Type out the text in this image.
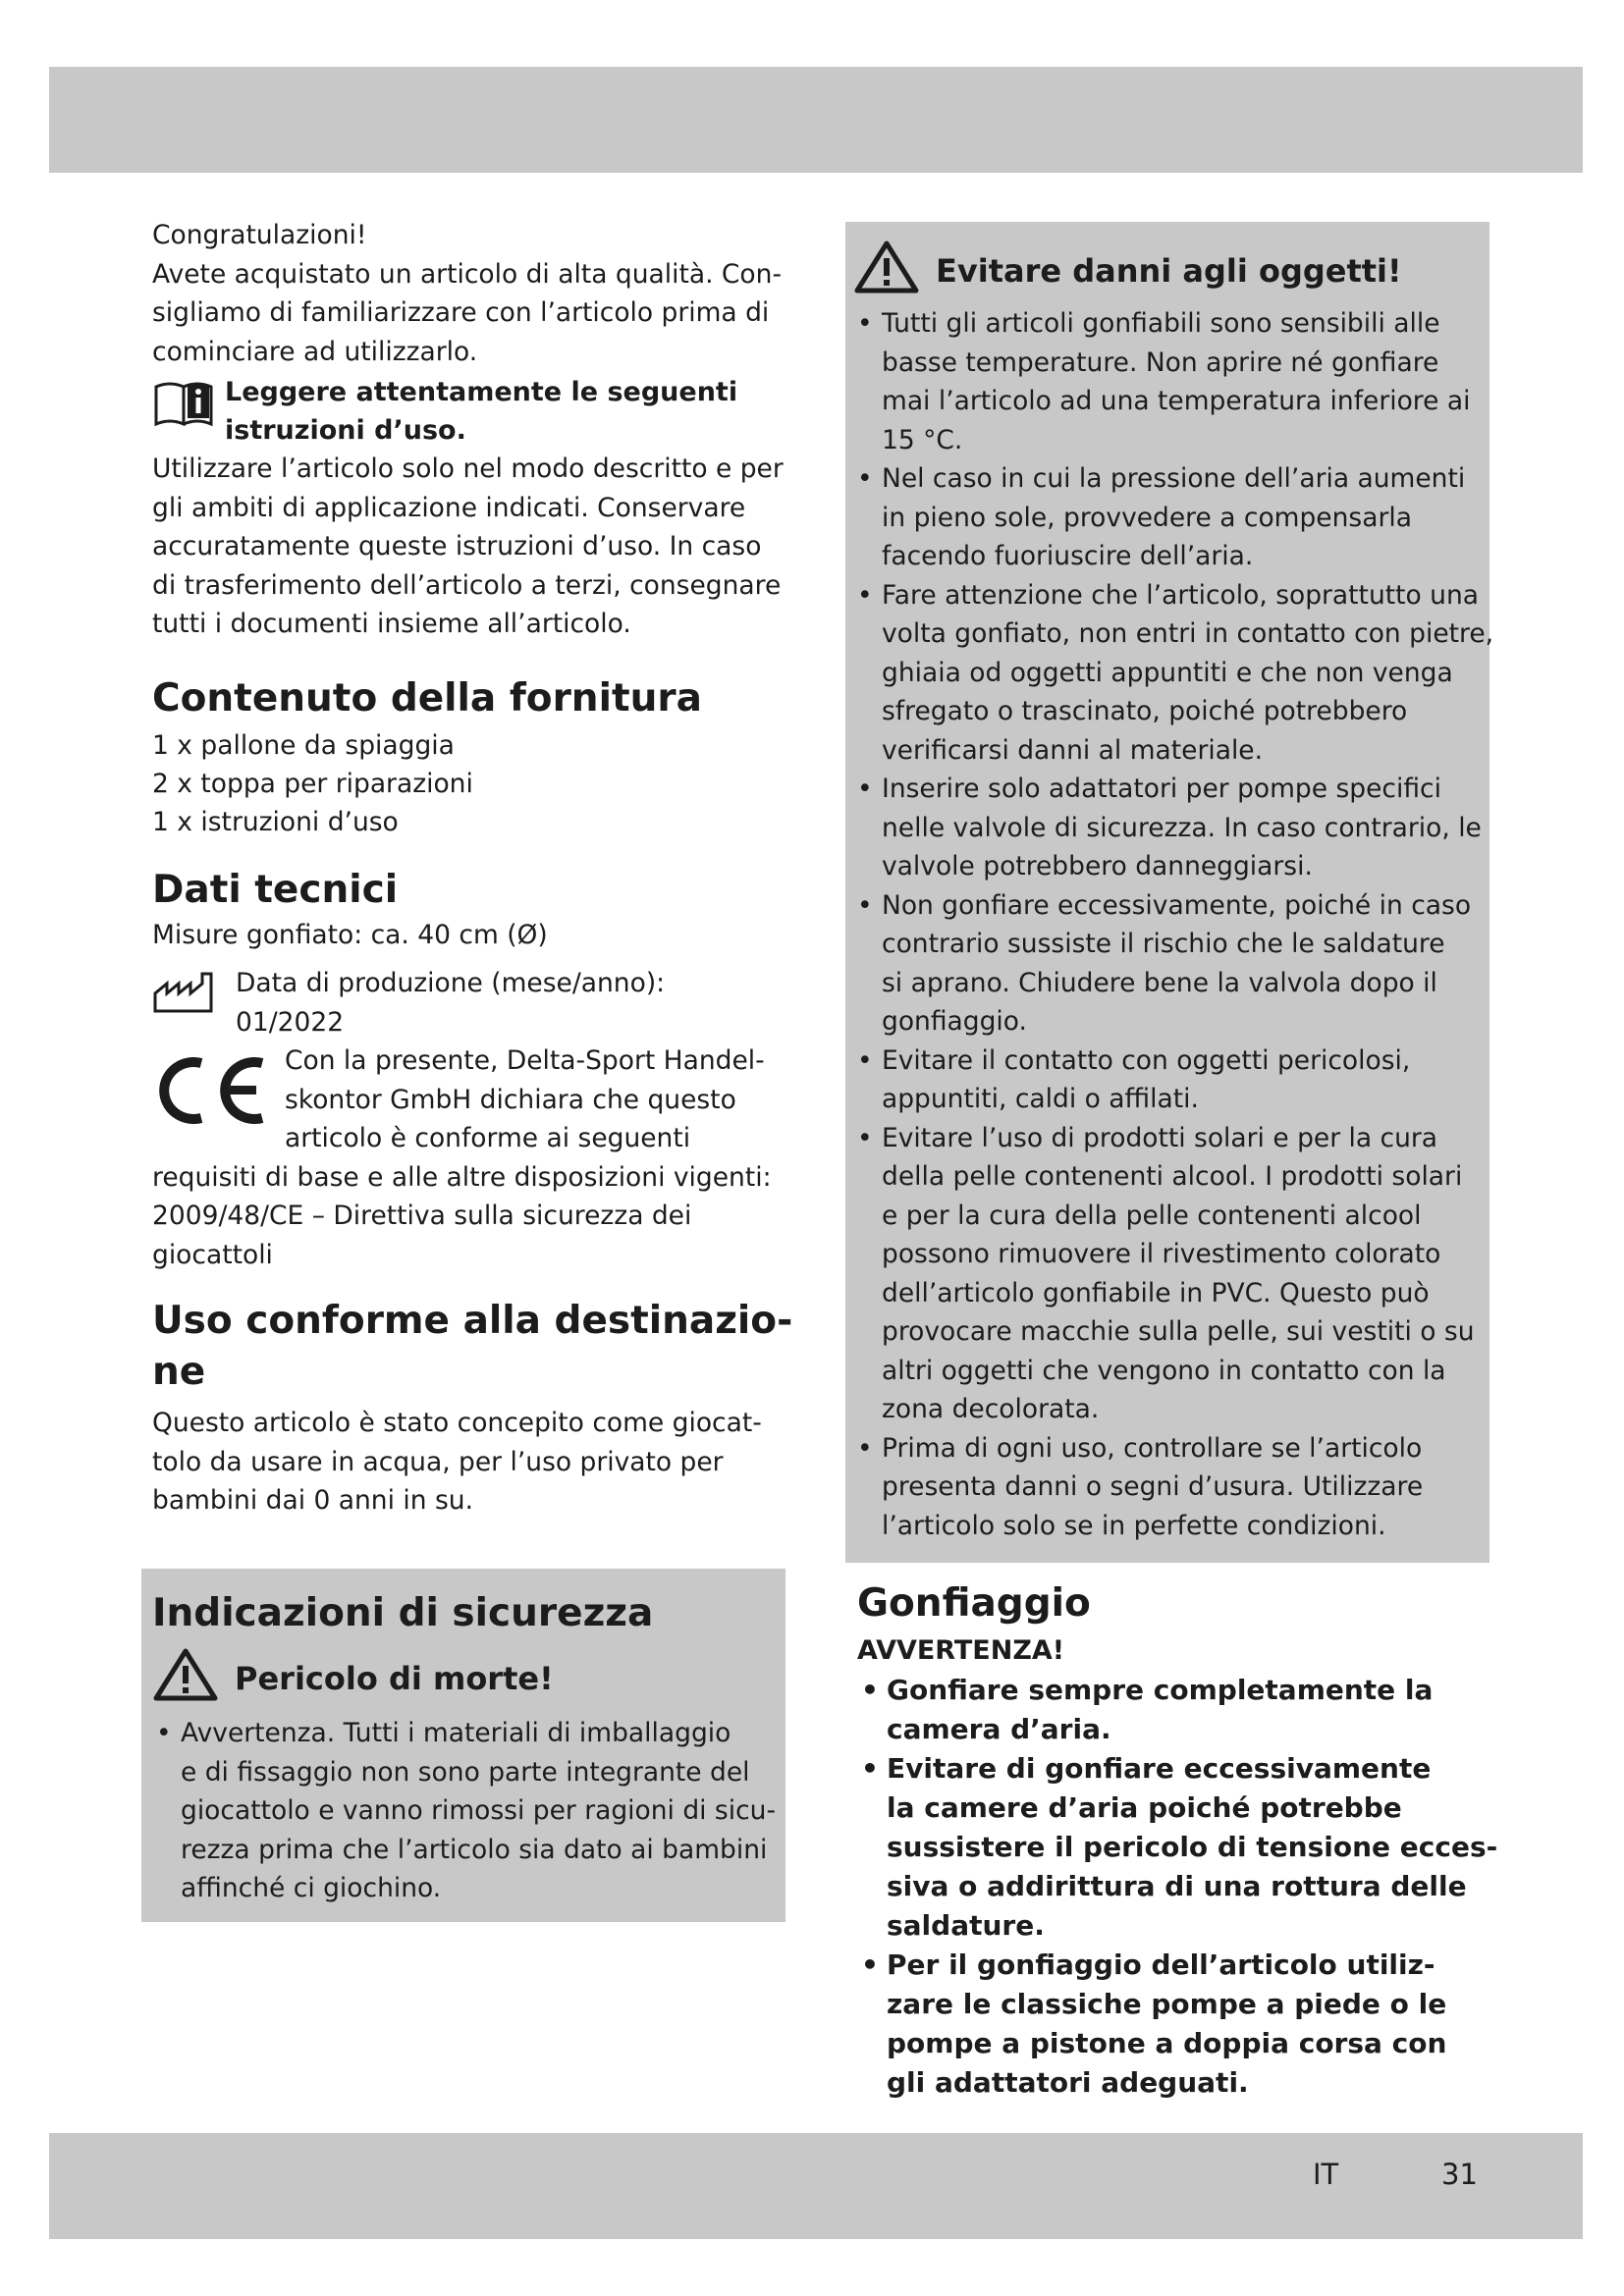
IT	31

Congratulazioni!
Avete acquistato un articolo di alta qualità. Con-
sigliamo di familiarizzare con l’articolo prima di
cominciare ad utilizzarlo.

Leggere attentamente le seguenti
istruzioni d’uso.

Utilizzare l’articolo solo nel modo descritto e per
gli ambiti di applicazione indicati. Conservare
accuratamente queste istruzioni d’uso. In caso
di trasferimento dell’articolo a terzi, consegnare
tutti i documenti insieme all’articolo.

Contenuto della fornitura
1 x pallone da spiaggia
2 x toppa per riparazioni
1 x istruzioni d’uso
Dati tecnici

Misure gonfiato: ca. 40 cm (Ø)

Data di produzione (mese/anno):
01/2022
Con la presente, Delta-Sport Handel-
skontor GmbH dichiara che questo
articolo è conforme ai seguenti

requisiti di base e alle altre disposizioni vigenti:
2009/48/CE – Direttiva sulla sicurezza dei
giocattoli

Uso conforme alla destinazio-
ne

Questo articolo è stato concepito come giocat-
tolo da usare in acqua, per l’uso privato per
bambini dai 0 anni in su.

Indicazioni di sicurezza
Pericolo di morte!
• Avvertenza. Tutti i materiali di imballaggio
e di fissaggio non sono parte integrante del
giocattolo e vanno rimossi per ragioni di sicu-
rezza prima che l’articolo sia dato ai bambini
affinché ci giochino.
Evitare danni agli oggetti!
• Tutti gli articoli gonfiabili sono sensibili alle
basse temperature. Non aprire né gonfiare
mai l’articolo ad una temperatura inferiore ai
15 °C.
• Nel caso in cui la pressione dell’aria aumenti
in pieno sole, provvedere a compensarla
facendo fuoriuscire dell’aria.
• Fare attenzione che l’articolo, soprattutto una
volta gonfiato, non entri in contatto con pietre,
ghiaia od oggetti appuntiti e che non venga
sfregato o trascinato, poiché potrebbero
verificarsi danni al materiale.
• Inserire solo adattatori per pompe specifici
nelle valvole di sicurezza. In caso contrario, le
valvole potrebbero danneggiarsi.
• Non gonfiare eccessivamente, poiché in caso
contrario sussiste il rischio che le saldature
si aprano. Chiudere bene la valvola dopo il
gonfiaggio.
• Evitare il contatto con oggetti pericolosi,
appuntiti, caldi o affilati.
• Evitare l’uso di prodotti solari e per la cura
della pelle contenenti alcool. I prodotti solari
e per la cura della pelle contenenti alcool
possono rimuovere il rivestimento colorato
dell’articolo gonfiabile in PVC. Questo può
provocare macchie sulla pelle, sui vestiti o su
altri oggetti che vengono in contatto con la
zona decolorata.
• Prima di ogni uso, controllare se l’articolo
presenta danni o segni d’usura. Utilizzare
l’articolo solo se in perfette condizioni.
Gonfiaggio
AVVERTENZA!
• Gonfiare sempre completamente la
camera d’aria.
• Evitare di gonfiare eccessivamente
la camere d’aria poiché potrebbe
sussistere il pericolo di tensione ecces-
siva o addirittura di una rottura delle
saldature.
• Per il gonfiaggio dell’articolo utiliz-
zare le classiche pompe a piede o le
pompe a pistone a doppia corsa con
gli adattatori adeguati.
